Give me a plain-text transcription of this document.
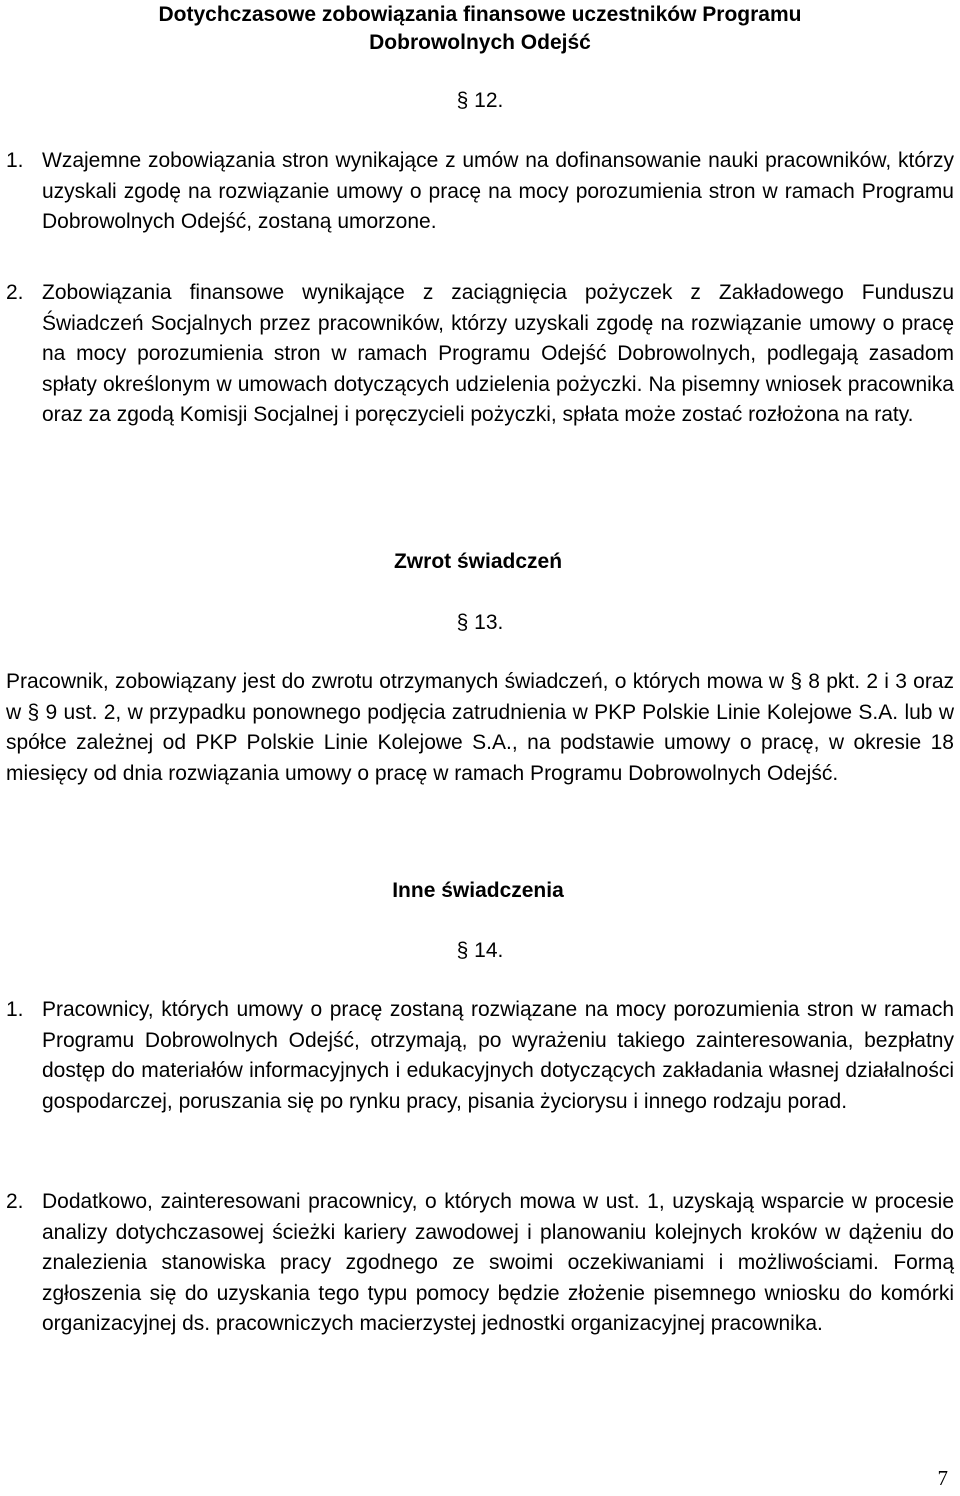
Dotychczasowe zobowiązania finansowe uczestników Programu
Dobrowolnych Odejść
§ 12.
1. Wzajemne zobowiązania stron wynikające z umów na dofinansowanie nauki pracowników, którzy uzyskali zgodę na rozwiązanie umowy o pracę na mocy porozumienia stron w ramach Programu Dobrowolnych Odejść, zostaną umorzone.

2. Zobowiązania finansowe wynikające z zaciągnięcia pożyczek z Zakładowego Funduszu Świadczeń Socjalnych przez pracowników, którzy uzyskali zgodę na rozwiązanie umowy o pracę na mocy porozumienia stron w ramach Programu Odejść Dobrowolnych, podlegają zasadom spłaty określonym w umowach dotyczących udzielenia pożyczki. Na pisemny wniosek pracownika oraz za zgodą Komisji Socjalnej i poręczycieli pożyczki, spłata może zostać rozłożona na raty.

Zwrot świadczeń
§ 13.

Pracownik, zobowiązany jest do zwrotu otrzymanych świadczeń, o których mowa w § 8 pkt. 2 i 3 oraz w § 9 ust. 2, w przypadku ponownego podjęcia zatrudnienia w PKP Polskie Linie Kolejowe S.A. lub w spółce zależnej od PKP Polskie Linie Kolejowe S.A., na podstawie umowy o pracę, w okresie 18 miesięcy od dnia rozwiązania umowy o pracę w ramach Programu Dobrowolnych Odejść.

Inne świadczenia
§ 14.
1. Pracownicy, których umowy o pracę zostaną rozwiązane na mocy porozumienia stron w ramach Programu Dobrowolnych Odejść, otrzymają, po wyrażeniu takiego zainteresowania, bezpłatny dostęp do materiałów informacyjnych i edukacyjnych dotyczących zakładania własnej działalności gospodarczej, poruszania się po rynku pracy, pisania życiorysu i innego rodzaju porad.

2. Dodatkowo, zainteresowani pracownicy, o których mowa w ust. 1, uzyskają wsparcie w procesie analizy dotychczasowej ścieżki kariery zawodowej i planowaniu kolejnych kroków w dążeniu do znalezienia stanowiska pracy zgodnego ze swoimi oczekiwaniami i możliwościami. Formą zgłoszenia się do uzyskania tego typu pomocy będzie złożenie pisemnego wniosku do komórki organizacyjnej ds. pracowniczych macierzystej jednostki organizacyjnej pracownika.

7
